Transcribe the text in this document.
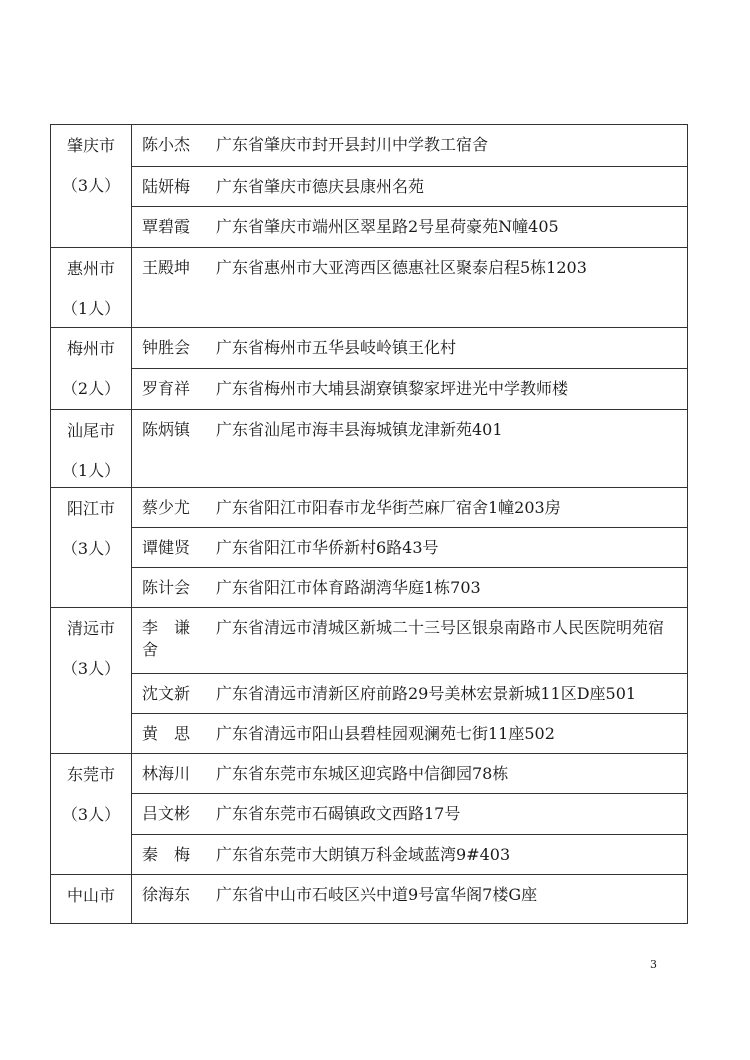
肇庆市
（3人）	陈小杰 广东省肇庆市封开县封川中学教工宿舍
	陆妍梅 广东省肇庆市德庆县康州名苑
	覃碧霞 广东省肇庆市端州区翠星路2号星荷豪苑N幢405

惠州市
（1人）	王殿坤 广东省惠州市大亚湾西区德惠社区聚泰启程5栋1203

梅州市
（2人）	钟胜会 广东省梅州市五华县岐岭镇王化村
	罗育祥 广东省梅州市大埔县湖寮镇黎家坪进光中学教师楼

汕尾市
（1人）	陈炳镇 广东省汕尾市海丰县海城镇龙津新苑401

阳江市
（3人）	蔡少尤 广东省阳江市阳春市龙华街苎麻厂宿舍1幢203房
	谭健贤 广东省阳江市华侨新村6路43号
	陈计会 广东省阳江市体育路湖湾华庭1栋703

清远市
（3人）	李　谦 广东省清远市清城区新城二十三号区银泉南路市人民医院明苑宿舍
	沈文新 广东省清远市清新区府前路29号美林宏景新城11区D座501
	黄　思 广东省清远市阳山县碧桂园观澜苑七街11座502

东莞市
（3人）	林海川 广东省东莞市东城区迎宾路中信御园78栋
	吕文彬 广东省东莞市石碣镇政文西路17号
	秦　梅 广东省东莞市大朗镇万科金域蓝湾9#403

中山市	徐海东 广东省中山市石岐区兴中道9号富华阁7楼G座
3
